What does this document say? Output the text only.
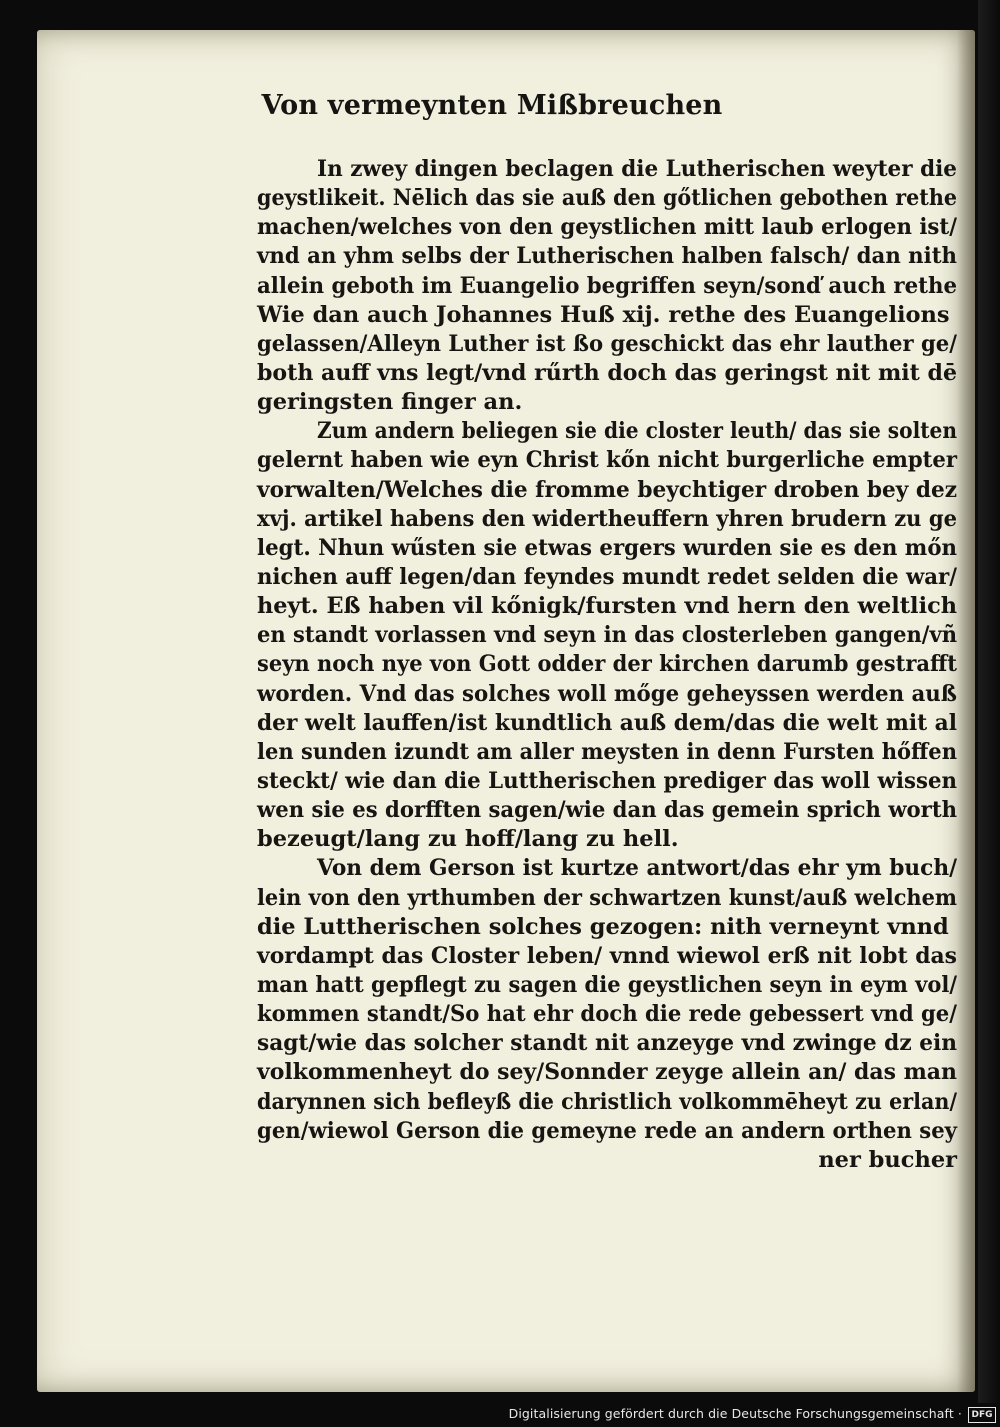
Von vermeynten Mißbreuchen
In zwey dingen beclagen die Lutherischen weyter die
geystlikeit. Nēlich das sie auß den gőtlichen gebothen rethe
machen/welches von den geystlichen mitt laub erlogen ist/
vnd an yhm selbs der Lutherischen halben falsch/ dan nith
allein geboth im Euangelio begriffen seyn/sonď auch rethe
Wie dan auch Johannes Huß xij. rethe des Euangelions
gelassen/Alleyn Luther ist ßo geschickt das ehr lauther ge/
both auff vns legt/vnd rűrth doch das geringst nit mit dē
geringsten finger an.
Zum andern beliegen sie die closter leuth/ das sie solten
gelernt haben wie eyn Christ kőn nicht burgerliche empter
vorwalten/Welches die fromme beychtiger droben bey dez
xvj. artikel habens den widertheuffern yhren brudern zu ge
legt. Nhun wűsten sie etwas ergers wurden sie es den mőn
nichen auff legen/dan feyndes mundt redet selden die war/
heyt. Eß haben vil kőnigk/fursten vnd hern den weltlich
en standt vorlassen vnd seyn in das closterleben gangen/vñ
seyn noch nye von Gott odder der kirchen darumb gestrafft
worden. Vnd das solches woll mőge geheyssen werden auß
der welt lauffen/ist kundtlich auß dem/das die welt mit al
len sunden izundt am aller meysten in denn Fursten hőffen
steckt/ wie dan die Luttherischen prediger das woll wissen
wen sie es dorfften sagen/wie dan das gemein sprich worth
bezeugt/lang zu hoff/lang zu hell.
Von dem Gerson ist kurtze antwort/das ehr ym buch/
lein von den yrthumben der schwartzen kunst/auß welchem
die Luttherischen solches gezogen: nith verneynt vnnd
vordampt das Closter leben/ vnnd wiewol erß nit lobt das
man hatt gepflegt zu sagen die geystlichen seyn in eym vol/
kommen standt/So hat ehr doch die rede gebessert vnd ge/
sagt/wie das solcher standt nit anzeyge vnd zwinge dz ein
volkommenheyt do sey/Sonnder zeyge allein an/ das man
darynnen sich befleyß die christlich volkommēheyt zu erlan/
gen/wiewol Gerson die gemeyne rede an andern orthen sey
ner bucher
Digitalisierung gefördert durch die Deutsche Forschungsgemeinschaft ·	DFG
